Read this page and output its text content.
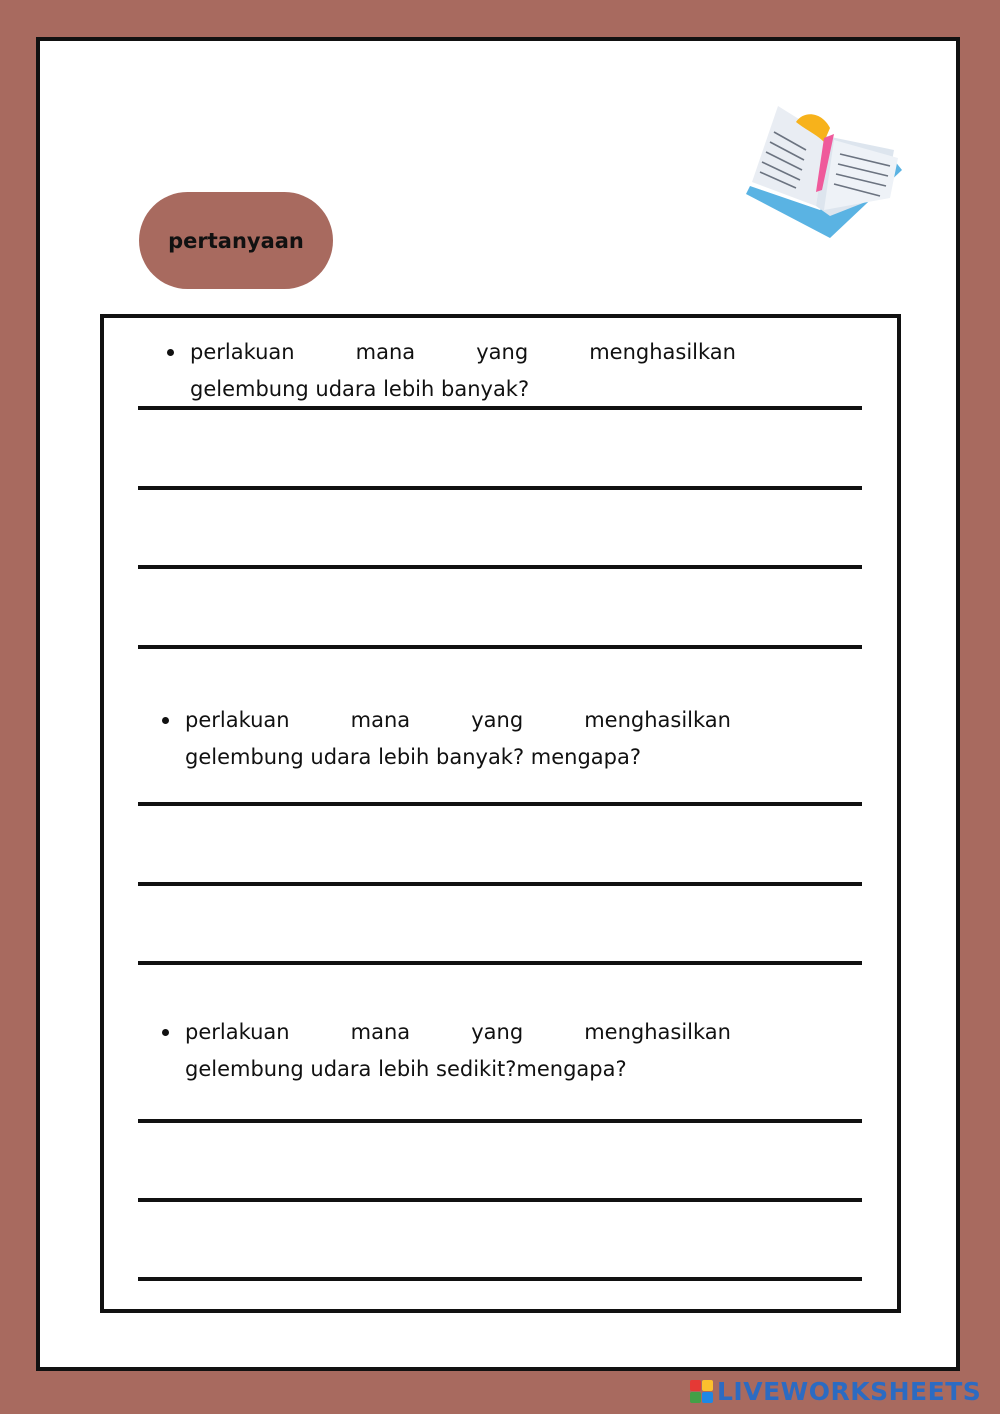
pertanyaan
perlakuan mana yang menghasilkan
gelembung udara lebih banyak?
perlakuan mana yang menghasilkan
gelembung udara lebih banyak? mengapa?
perlakuan mana yang menghasilkan
gelembung udara lebih sedikit?mengapa?
LIVEWORKSHEETS
